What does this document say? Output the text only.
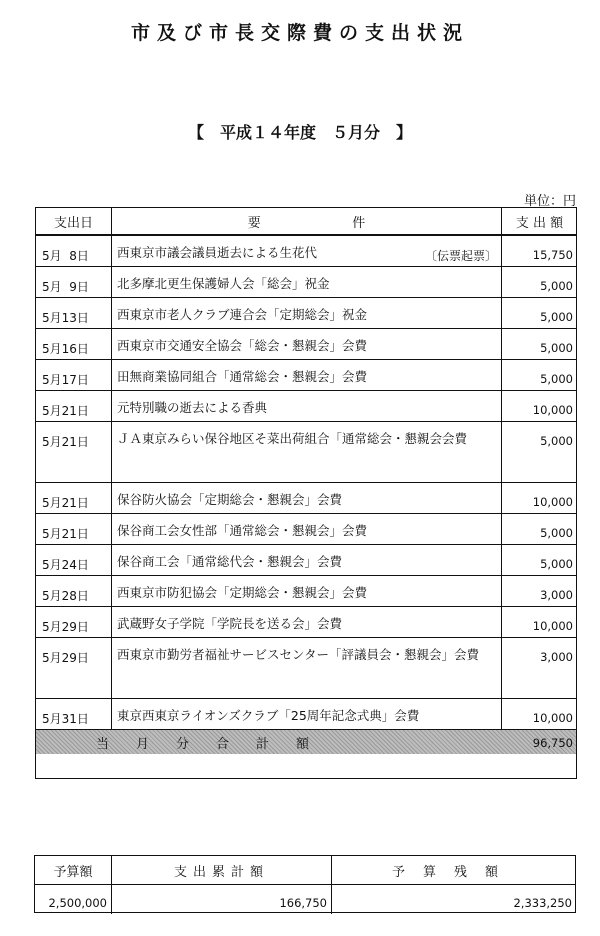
市及び市長交際費の支出状況
【　平成１４年度　５月分　】
単位：円
支出日	要	件	支 出 額
5月  8日 西東京市議会議員逝去による生花代	〔伝票起票〕	15,750
5月  9日 北多摩北更生保護婦人会「総会」祝金	5,000
5月13日 西東京市老人クラブ連合会「定期総会」祝金	5,000
5月16日 西東京市交通安全協会「総会・懇親会」会費	5,000
5月17日 田無商業協同組合「通常総会・懇親会」会費	5,000
5月21日 元特別職の逝去による香典	10,000
5月21日 ＪＡ東京みらい保谷地区そ菜出荷組合「通常総会・懇親会会費	5,000
5月21日 保谷防火協会「定期総会・懇親会」会費	10,000
5月21日 保谷商工会女性部「通常総会・懇親会」会費	5,000
5月24日 保谷商工会「通常総代会・懇親会」会費	5,000
5月28日 西東京市防犯協会「定期総会・懇親会」会費	3,000
5月29日 武蔵野女子学院「学院長を送る会」会費	10,000
5月29日 西東京市勤労者福祉サービスセンター「評議員会・懇親会」会費	3,000
5月31日 東京西東京ライオンズクラブ「25周年記念式典」会費	10,000
当月分合計額	96,750
予算額	支出累計額	予算残額
2,500,000	166,750	2,333,250
